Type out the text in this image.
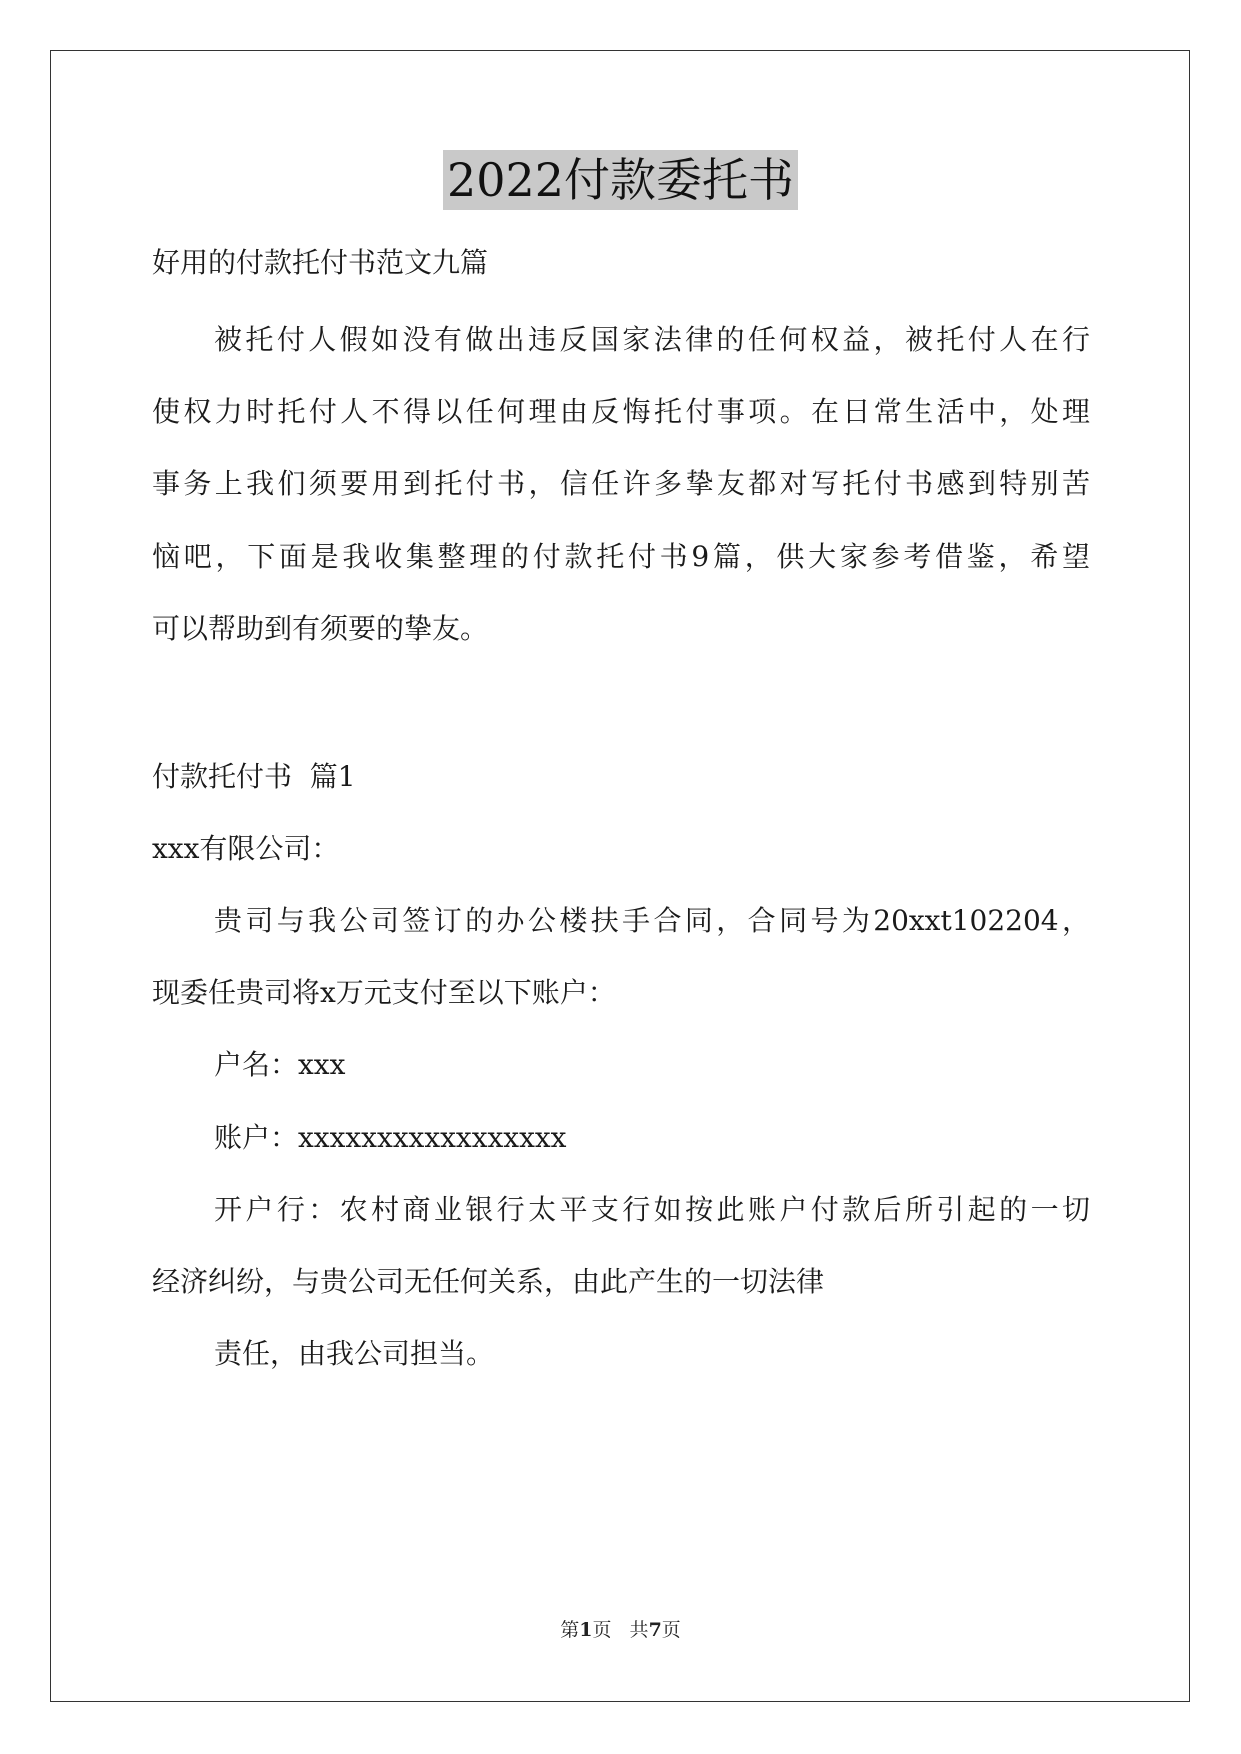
2022付款委托书
好用的付款托付书范文九篇
被托付人假如没有做出违反国家法律的任何权益，被托付人在行
使权力时托付人不得以任何理由反悔托付事项。在日常生活中，处理
事务上我们须要用到托付书，信任许多挚友都对写托付书感到特别苦
恼吧，下面是我收集整理的付款托付书9篇，供大家参考借鉴，希望
可以帮助到有须要的挚友。
付款托付书  篇1
xxx有限公司：
贵司与我公司签订的办公楼扶手合同，合同号为20xxt102204，
现委任贵司将x万元支付至以下账户：
户名：xxx
账户：xxxxxxxxxxxxxxxxx
开户行：农村商业银行太平支行如按此账户付款后所引起的一切
经济纠纷，与贵公司无任何关系，由此产生的一切法律
责任，由我公司担当。
第1页   共7页
